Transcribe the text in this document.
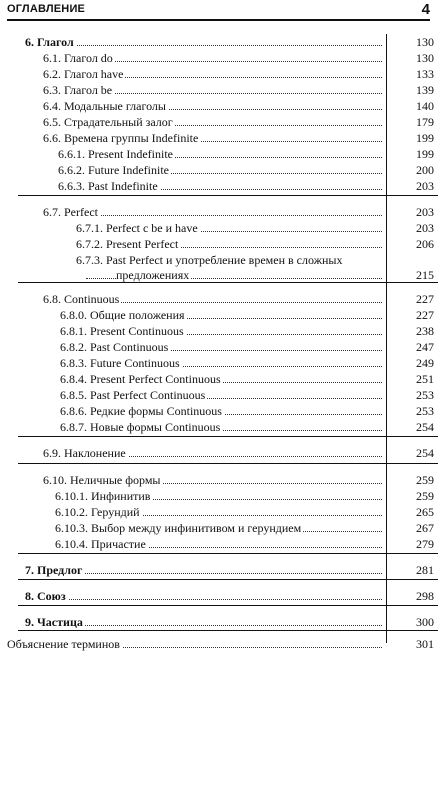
ОГЛАВЛЕНИЕ	4
6. Глагол	130
6.1. Глагол do	130
6.2. Глагол have	133
6.3. Глагол be	139
6.4. Модальные глаголы	140
6.5. Страдательный залог	179
6.6. Времена группы Indefinite	199
6.6.1. Present Indefinite	199
6.6.2. Future Indefinite	200
6.6.3. Past Indefinite	203
6.7. Perfect	203
6.7.1. Perfect с be и have	203
6.7.2. Present Perfect	206
6.7.3. Past Perfect и употребление времен в сложных
предложениях	215
6.8. Continuous	227
6.8.0. Общие положения	227
6.8.1. Present Continuous	238
6.8.2. Past Continuous	247
6.8.3. Future Continuous	249
6.8.4. Present Perfect Continuous	251
6.8.5. Past Perfect Continuous	253
6.8.6. Редкие формы Continuous	253
6.8.7. Новые формы Continuous	254
6.9. Наклонение	254
6.10. Неличные формы	259
6.10.1. Инфинитив	259
6.10.2. Герундий	265
6.10.3. Выбор между инфинитивом и герундием	267
6.10.4. Причастие	279
7. Предлог	281
8. Союз	298
9. Частица	300
Объяснение терминов	301
